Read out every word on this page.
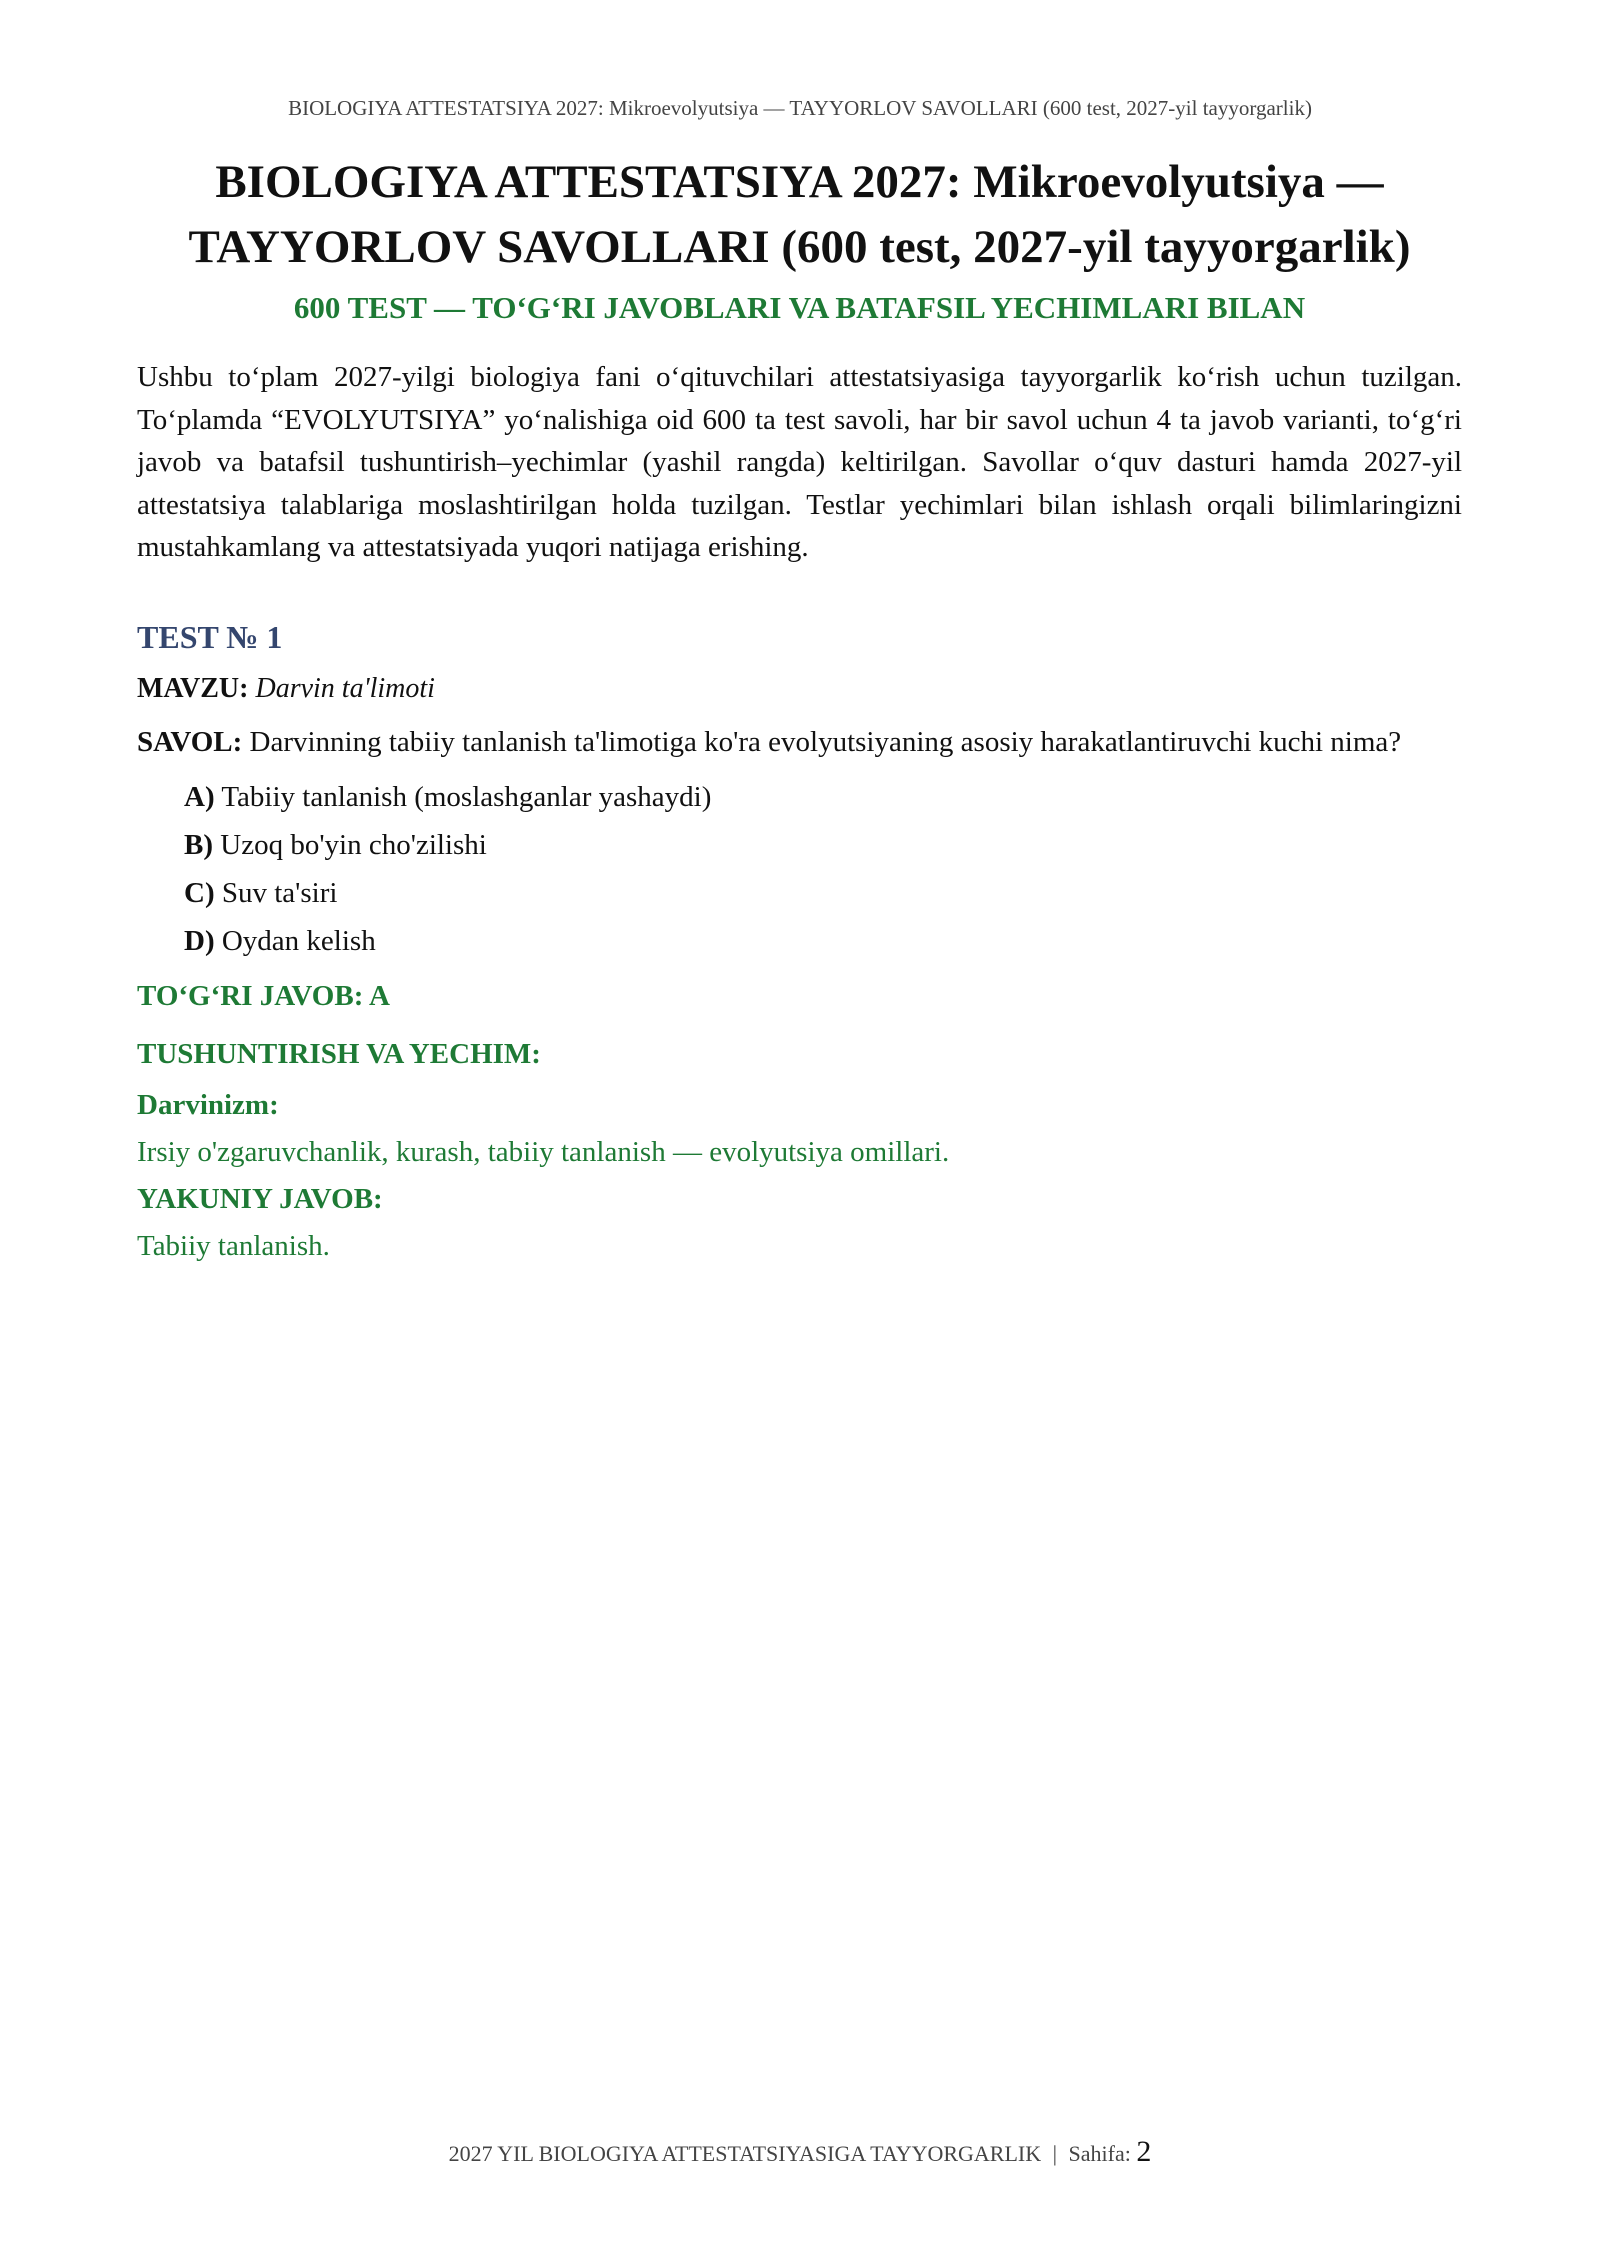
BIOLOGIYA ATTESTATSIYA 2027: Mikroevolyutsiya — TAYYORLOV SAVOLLARI (600 test, 2027-yil tayyorgarlik)
BIOLOGIYA ATTESTATSIYA 2027: Mikroevolyutsiya —
TAYYORLOV SAVOLLARI (600 test, 2027-yil tayyorgarlik)
600 TEST — TO‘G‘RI JAVOBLARI VA BATAFSIL YECHIMLARI BILAN

Ushbu to‘plam 2027-yilgi biologiya fani o‘qituvchilari attestatsiyasiga tayyorgarlik ko‘rish uchun tuzilgan. To‘plamda “EVOLYUTSIYA” yo‘nalishiga oid 600 ta test savoli, har bir savol uchun 4 ta javob varianti, to‘g‘ri javob va batafsil tushuntirish–yechimlar (yashil rangda) keltirilgan. Savollar o‘quv dasturi hamda 2027-yil attestatsiya talablariga moslashtirilgan holda tuzilgan. Testlar yechimlari bilan ishlash orqali bilimlaringizni mustahkamlang va attestatsiyada yuqori natijaga erishing.

TEST № 1

MAVZU: Darvin ta'limoti

SAVOL: Darvinning tabiiy tanlanish ta'limotiga ko'ra evolyutsiyaning asosiy harakatlantiruvchi kuchi nima?

A) Tabiiy tanlanish (moslashganlar yashaydi)
B) Uzoq bo'yin cho'zilishi
C) Suv ta'siri
D) Oydan kelish
TO‘G‘RI JAVOB: A
TUSHUNTIRISH VA YECHIM:
Darvinizm:
Irsiy o'zgaruvchanlik, kurash, tabiiy tanlanish — evolyutsiya omillari.
YAKUNIY JAVOB:
Tabiiy tanlanish.
2027 YIL BIOLOGIYA ATTESTATSIYASIGA TAYYORGARLIK | Sahifa: 2
